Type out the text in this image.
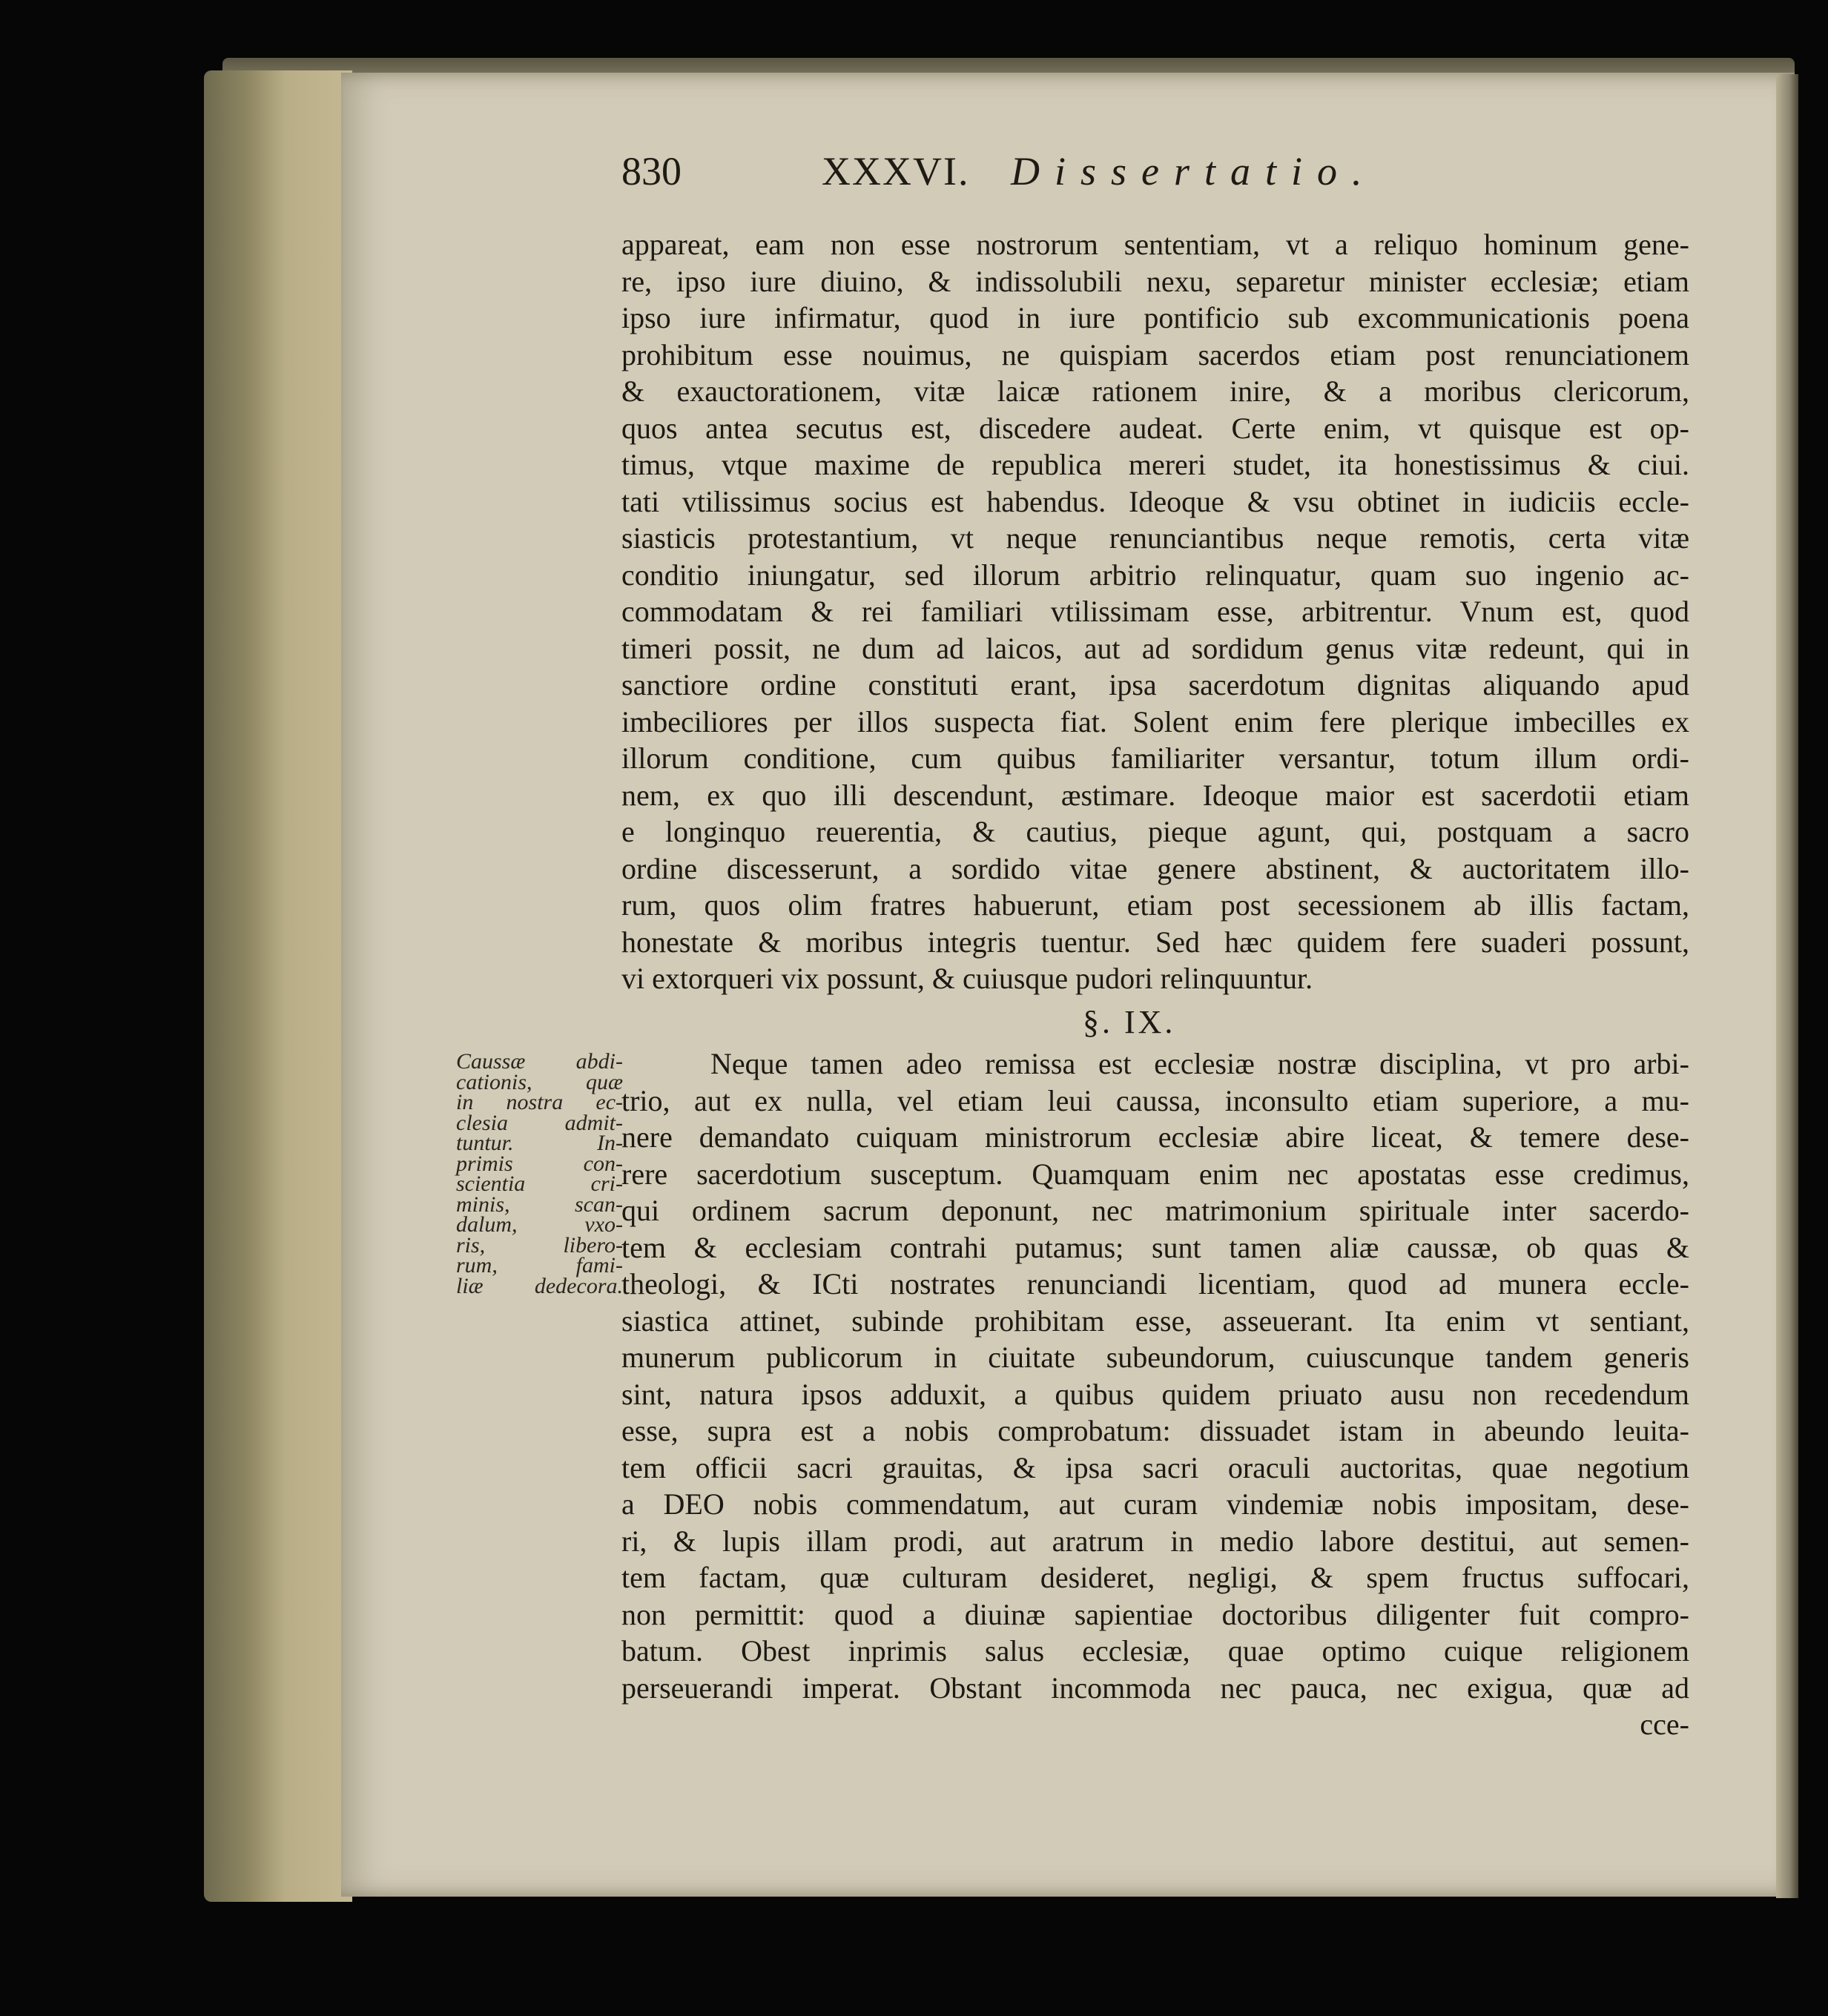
830	XXXVI. Dissertatio.
appareat, eam non esse nostrorum sententiam, vt a reliquo hominum gene-
re, ipso iure diuino, & indissolubili nexu, separetur minister ecclesiæ; etiam
ipso iure infirmatur, quod in iure pontificio sub excommunicationis poena
prohibitum esse nouimus, ne quispiam sacerdos etiam post renunciationem
& exauctorationem, vitæ laicæ rationem inire, & a moribus clericorum,
quos antea secutus est, discedere audeat. Certe enim, vt quisque est op-
timus, vtque maxime de republica mereri studet, ita honestissimus & ciui.
tati vtilissimus socius est habendus. Ideoque & vsu obtinet in iudiciis eccle-
siasticis protestantium, vt neque renunciantibus neque remotis, certa vitæ
conditio iniungatur, sed illorum arbitrio relinquatur, quam suo ingenio ac-
commodatam & rei familiari vtilissimam esse, arbitrentur. Vnum est, quod
timeri possit, ne dum ad laicos, aut ad sordidum genus vitæ redeunt, qui in
sanctiore ordine constituti erant, ipsa sacerdotum dignitas aliquando apud
imbeciliores per illos suspecta fiat. Solent enim fere plerique imbecilles ex
illorum conditione, cum quibus familiariter versantur, totum illum ordi-
nem, ex quo illi descendunt, æstimare. Ideoque maior est sacerdotii etiam
e longinquo reuerentia, & cautius, pieque agunt, qui, postquam a sacro
ordine discesserunt, a sordido vitae genere abstinent, & auctoritatem illo-
rum, quos olim fratres habuerunt, etiam post secessionem ab illis factam,
honestate & moribus integris tuentur. Sed hæc quidem fere suaderi possunt,
vi extorqueri vix possunt, & cuiusque pudori relinquuntur.
§. IX.
Neque tamen adeo remissa est ecclesiæ nostræ disciplina, vt pro arbi-
trio, aut ex nulla, vel etiam leui caussa, inconsulto etiam superiore, a mu-
nere demandato cuiquam ministrorum ecclesiæ abire liceat, & temere dese-
rere sacerdotium susceptum. Quamquam enim nec apostatas esse credimus,
qui ordinem sacrum deponunt, nec matrimonium spirituale inter sacerdo-
tem & ecclesiam contrahi putamus; sunt tamen aliæ caussæ, ob quas &
theologi, & ICti nostrates renunciandi licentiam, quod ad munera eccle-
siastica attinet, subinde prohibitam esse, asseuerant. Ita enim vt sentiant,
munerum publicorum in ciuitate subeundorum, cuiuscunque tandem generis
sint, natura ipsos adduxit, a quibus quidem priuato ausu non recedendum
esse, supra est a nobis comprobatum: dissuadet istam in abeundo leuita-
tem officii sacri grauitas, & ipsa sacri oraculi auctoritas, quae negotium
a DEO nobis commendatum, aut curam vindemiæ nobis impositam, dese-
ri, & lupis illam prodi, aut aratrum in medio labore destitui, aut semen-
tem factam, quæ culturam desideret, negligi, & spem fructus suffocari,
non permittit: quod a diuinæ sapientiae doctoribus diligenter fuit compro-
batum. Obest inprimis salus ecclesiæ, quae optimo cuique religionem
perseuerandi imperat. Obstant incommoda nec pauca, nec exigua, quæ ad
cce-
Caussæ abdi-
cationis, quæ
in nostra ec-
clesia admit-
tuntur. In-
primis con-
scientia cri-
minis, scan-
dalum, vxo-
ris, libero-
rum, fami-
liæ dedecora.
